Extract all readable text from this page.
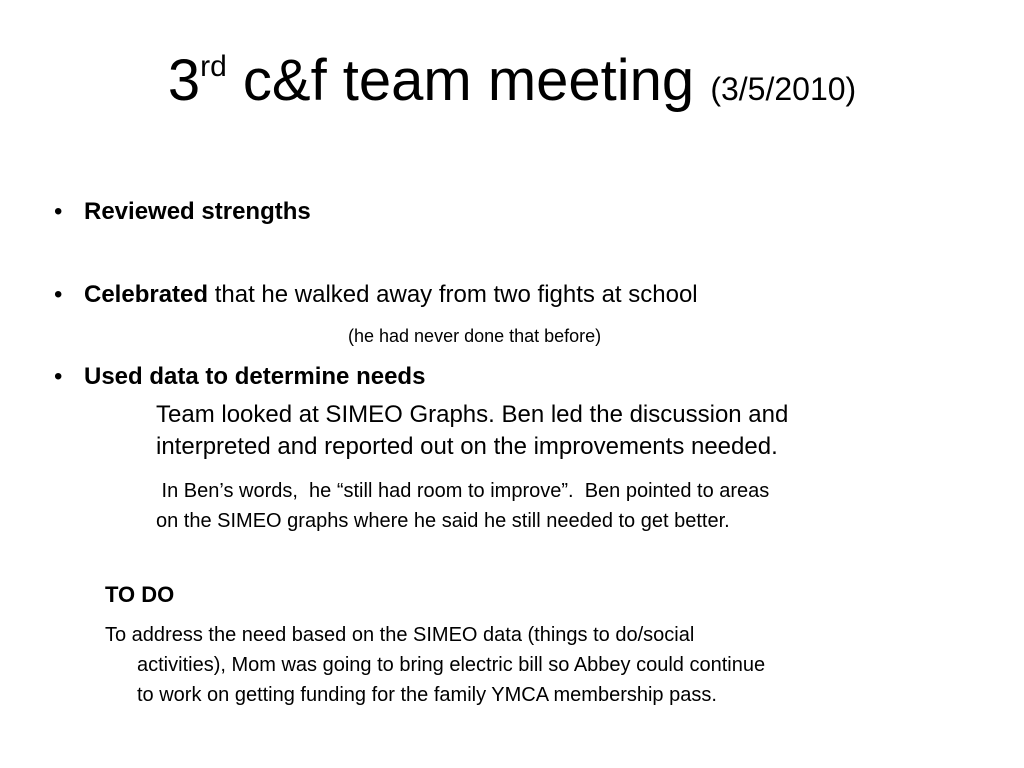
3rd c&f team meeting (3/5/2010)
• Reviewed strengths
• Celebrated that he walked away from two fights at school
(he had never done that before)
• Used data to determine needs
Team looked at SIMEO Graphs. Ben led the discussion and
interpreted and reported out on the improvements needed.
In Ben’s words,  he “still had room to improve”.  Ben pointed to areas
on the SIMEO graphs where he said he still needed to get better.
TO DO
To address the need based on the SIMEO data (things to do/social
activities), Mom was going to bring electric bill so Abbey could continue
to work on getting funding for the family YMCA membership pass.
